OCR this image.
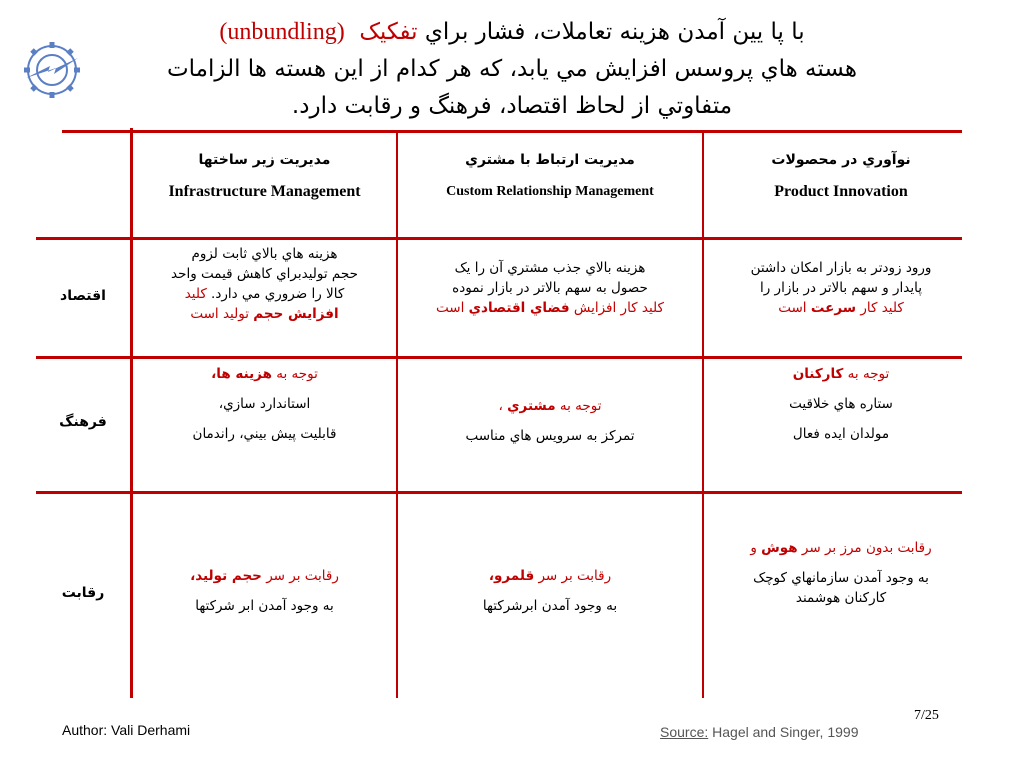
با پا يين آمدن هزينه تعاملات، فشار براي تفکيک  (unbundling)
هسته هاي پروسس افزايش مي يابد، که هر کدام از اين هسته ها الزامات
متفاوتي از لحاظ اقتصاد، فرهنگ و رقابت دارد.
نوآوري در محصولات
Product Innovation
مديريت ارتباط با مشتري
Custom Relationship Management
مديريت زير ساختها
Infrastructure Management
اقتصاد
فرهنگ
رقابت
ورود زودتر به بازار امکان داشتن
پايدار و سهم بالاتر در بازار را
کليد کار سرعت است
هزينه بالاي جذب مشتري آن را يک
حصول به سهم بالاتر در بازار نموده
کليد کار افزايش فضاي اقتصادي است
هزينه هاي بالاي ثابت لزوم
حجم توليدبراي کاهش قيمت واحد
کالا را ضروري مي دارد. کليد
افزايش حجم توليد است
توجه به کارکنان
ستاره هاي خلاقيت
مولدان ايده فعال
توجه به مشتري ،
تمرکز به سرويس هاي مناسب
توجه به هزينه ها،
استاندارد سازي،
قابليت پيش بيني، راندمان
رقابت بدون مرز بر سر هوش و
به وجود آمدن سازمانهاي کوچک
کارکنان هوشمند
رقابت بر سر قلمرو،
به وجود آمدن ابرشرکتها
رقابت بر سر حجم توليد،
به وجود آمدن ابر شرکتها
Author: Vali Derhami
7/25
Source: Hagel and Singer, 1999
